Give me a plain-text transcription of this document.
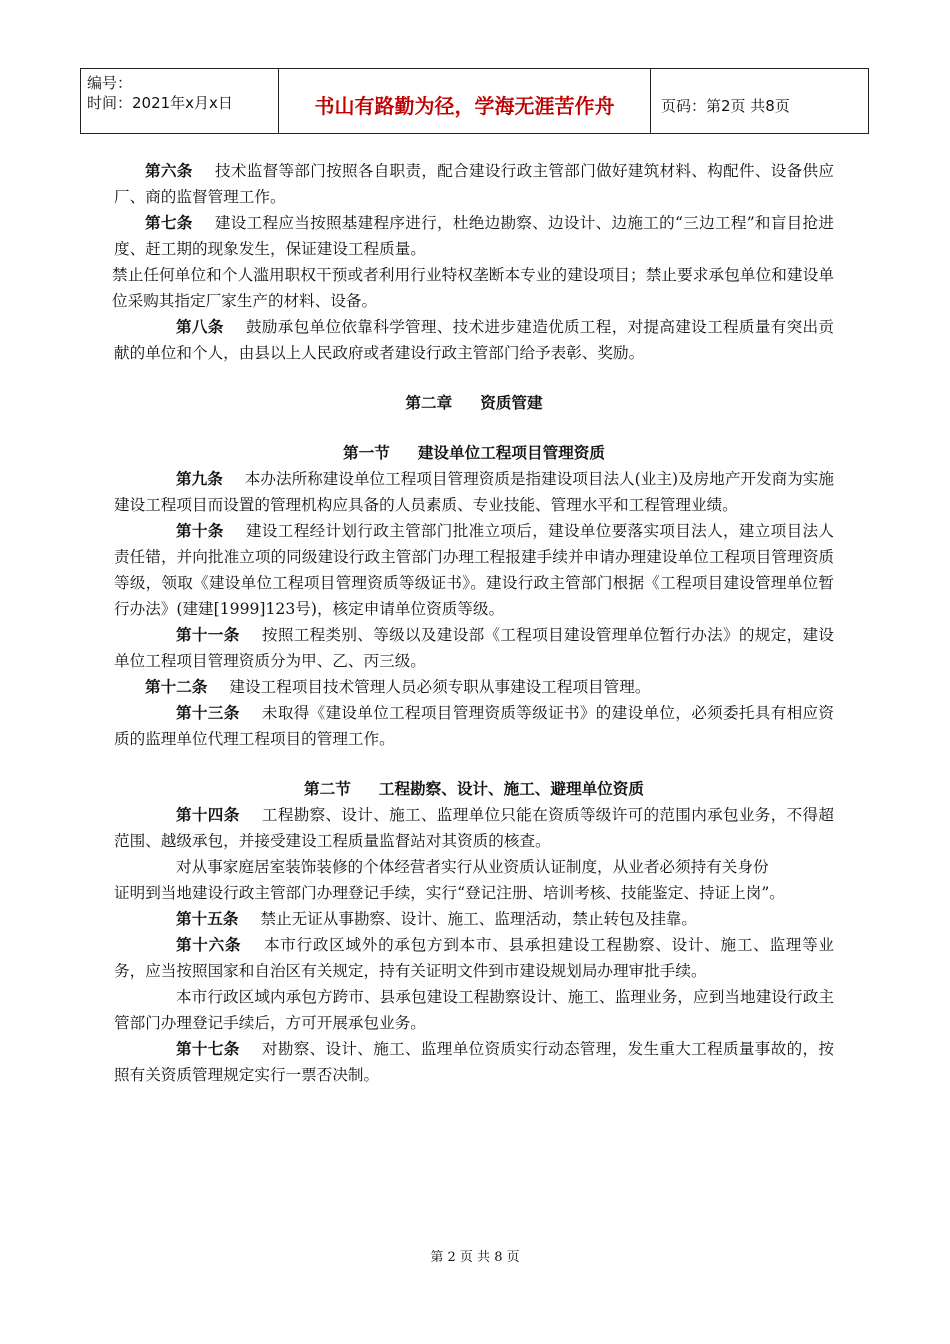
编号：
时间：2021年x月x日	书山有路勤为径，学海无涯苦作舟	页码：第2页 共8页

第六条 技术监督等部门按照各自职责，配合建设行政主管部门做好建筑材料、构配件、设备供应厂、商的监督管理工作。

第七条 建设工程应当按照基建程序进行，杜绝边勘察、边设计、边施工的“三边工程”和盲目抢进度、赶工期的现象发生，保证建设工程质量。

禁止任何单位和个人滥用职权干预或者利用行业特权垄断本专业的建设项目；禁止要求承包单位和建设单位采购其指定厂家生产的材料、设备。

第八条 鼓励承包单位依靠科学管理、技术进步建造优质工程，对提高建设工程质量有突出贡献的单位和个人，由县以上人民政府或者建设行政主管部门给予表彰、奖励。

第二章 资质管建

第一节 建设单位工程项目管理资质

第九条 本办法所称建设单位工程项目管理资质是指建设项目法人(业主)及房地产开发商为实施建设工程项目而设置的管理机构应具备的人员素质、专业技能、管理水平和工程管理业绩。

第十条 建设工程经计划行政主管部门批准立项后，建设单位要落实项目法人，建立项目法人责任错，并向批准立项的同级建设行政主管部门办理工程报建手续并申请办理建设单位工程项目管理资质等级，领取《建设单位工程项目管理资质等级证书》。建设行政主管部门根据《工程项目建设管理单位暂行办法》(建建[1999]123号)，核定申请单位资质等级。

第十一条 按照工程类别、等级以及建设部《工程项目建设管理单位暂行办法》的规定，建设单位工程项目管理资质分为甲、乙、丙三级。

第十二条 建设工程项目技术管理人员必须专职从事建设工程项目管理。

第十三条 未取得《建设单位工程项目管理资质等级证书》的建设单位，必须委托具有相应资质的监理单位代理工程项目的管理工作。

第二节 工程勘察、设计、施工、避理单位资质

第十四条 工程勘察、设计、施工、监理单位只能在资质等级许可的范围内承包业务，不得超范围、越级承包，并接受建设工程质量监督站对其资质的核查。

对从事家庭居室装饰装修的个体经营者实行从业资质认证制度，从业者必须持有关身份

证明到当地建设行政主管部门办理登记手续，实行“登记注册、培训考核、技能鉴定、持证上岗”。

第十五条 禁止无证从事勘察、设计、施工、监理活动，禁止转包及挂靠。

第十六条 本市行政区域外的承包方到本市、县承担建设工程勘察、设计、施工、监理等业务，应当按照国家和自治区有关规定，持有关证明文件到市建设规划局办理审批手续。

本市行政区域内承包方跨市、县承包建设工程勘察设计、施工、监理业务，应到当地建设行政主管部门办理登记手续后，方可开展承包业务。

第十七条 对勘察、设计、施工、监理单位资质实行动态管理，发生重大工程质量事故的，按照有关资质管理规定实行一票否决制。

第 2 页 共 8 页
